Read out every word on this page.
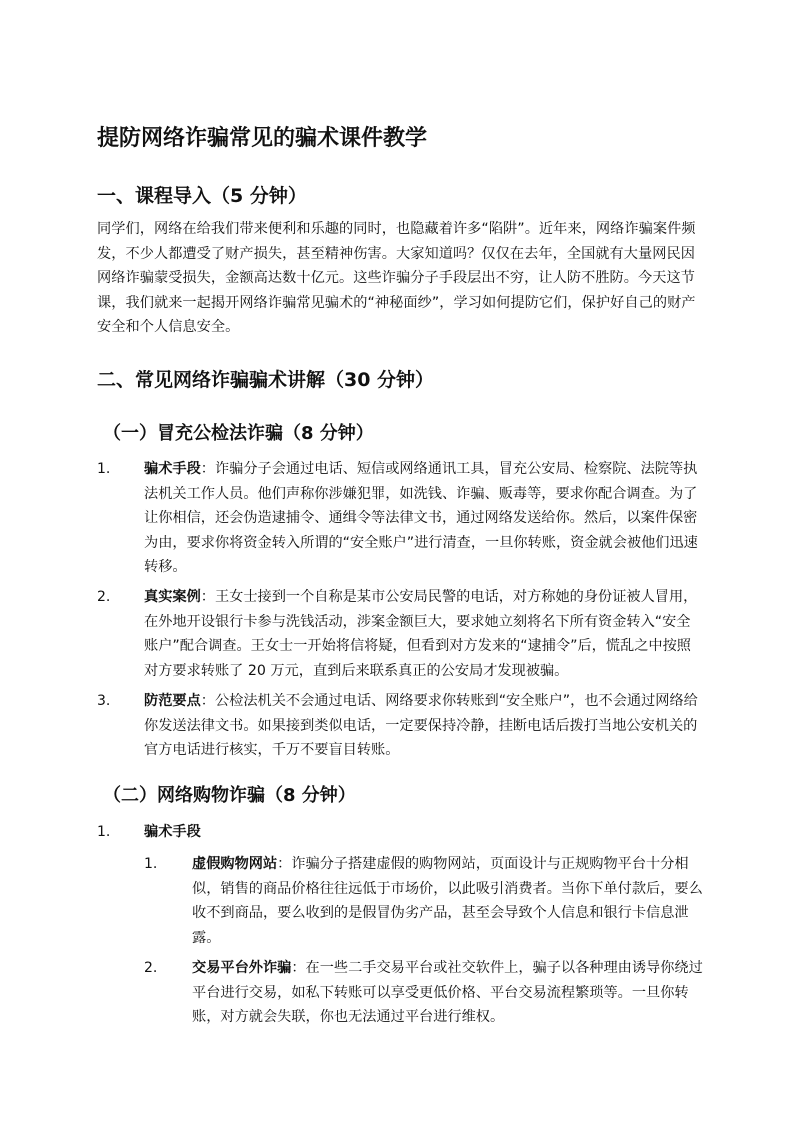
提防网络诈骗常见的骗术课件教学
一、课程导入（5 分钟）

同学们，网络在给我们带来便利和乐趣的同时，也隐藏着许多“陷阱”。近年来，网络诈骗案件频发，不少人都遭受了财产损失，甚至精神伤害。大家知道吗？仅仅在去年，全国就有大量网民因网络诈骗蒙受损失，金额高达数十亿元。这些诈骗分子手段层出不穷，让人防不胜防。今天这节课，我们就来一起揭开网络诈骗常见骗术的“神秘面纱”，学习如何提防它们，保护好自己的财产安全和个人信息安全。

二、常见网络诈骗骗术讲解（30 分钟）
（一）冒充公检法诈骗（8 分钟）
1.	骗术手段：诈骗分子会通过电话、短信或网络通讯工具，冒充公安局、检察院、法院等执法机关工作人员。他们声称你涉嫌犯罪，如洗钱、诈骗、贩毒等，要求你配合调查。为了让你相信，还会伪造逮捕令、通缉令等法律文书，通过网络发送给你。然后，以案件保密为由，要求你将资金转入所谓的“安全账户”进行清查，一旦你转账，资金就会被他们迅速转移。

2.	真实案例：王女士接到一个自称是某市公安局民警的电话，对方称她的身份证被人冒用，在外地开设银行卡参与洗钱活动，涉案金额巨大，要求她立刻将名下所有资金转入“安全账户”配合调查。王女士一开始将信将疑，但看到对方发来的“逮捕令”后，慌乱之中按照对方要求转账了 20 万元，直到后来联系真正的公安局才发现被骗。

3.	防范要点：公检法机关不会通过电话、网络要求你转账到“安全账户”，也不会通过网络给你发送法律文书。如果接到类似电话，一定要保持冷静，挂断电话后拨打当地公安机关的官方电话进行核实，千万不要盲目转账。

（二）网络购物诈骗（8 分钟）
1.	骗术手段

1.	虚假购物网站：诈骗分子搭建虚假的购物网站，页面设计与正规购物平台十分相似，销售的商品价格往往远低于市场价，以此吸引消费者。当你下单付款后，要么收不到商品，要么收到的是假冒伪劣产品，甚至会导致个人信息和银行卡信息泄露。

2.	交易平台外诈骗：在一些二手交易平台或社交软件上，骗子以各种理由诱导你绕过平台进行交易，如私下转账可以享受更低价格、平台交易流程繁琐等。一旦你转账，对方就会失联，你也无法通过平台进行维权。
